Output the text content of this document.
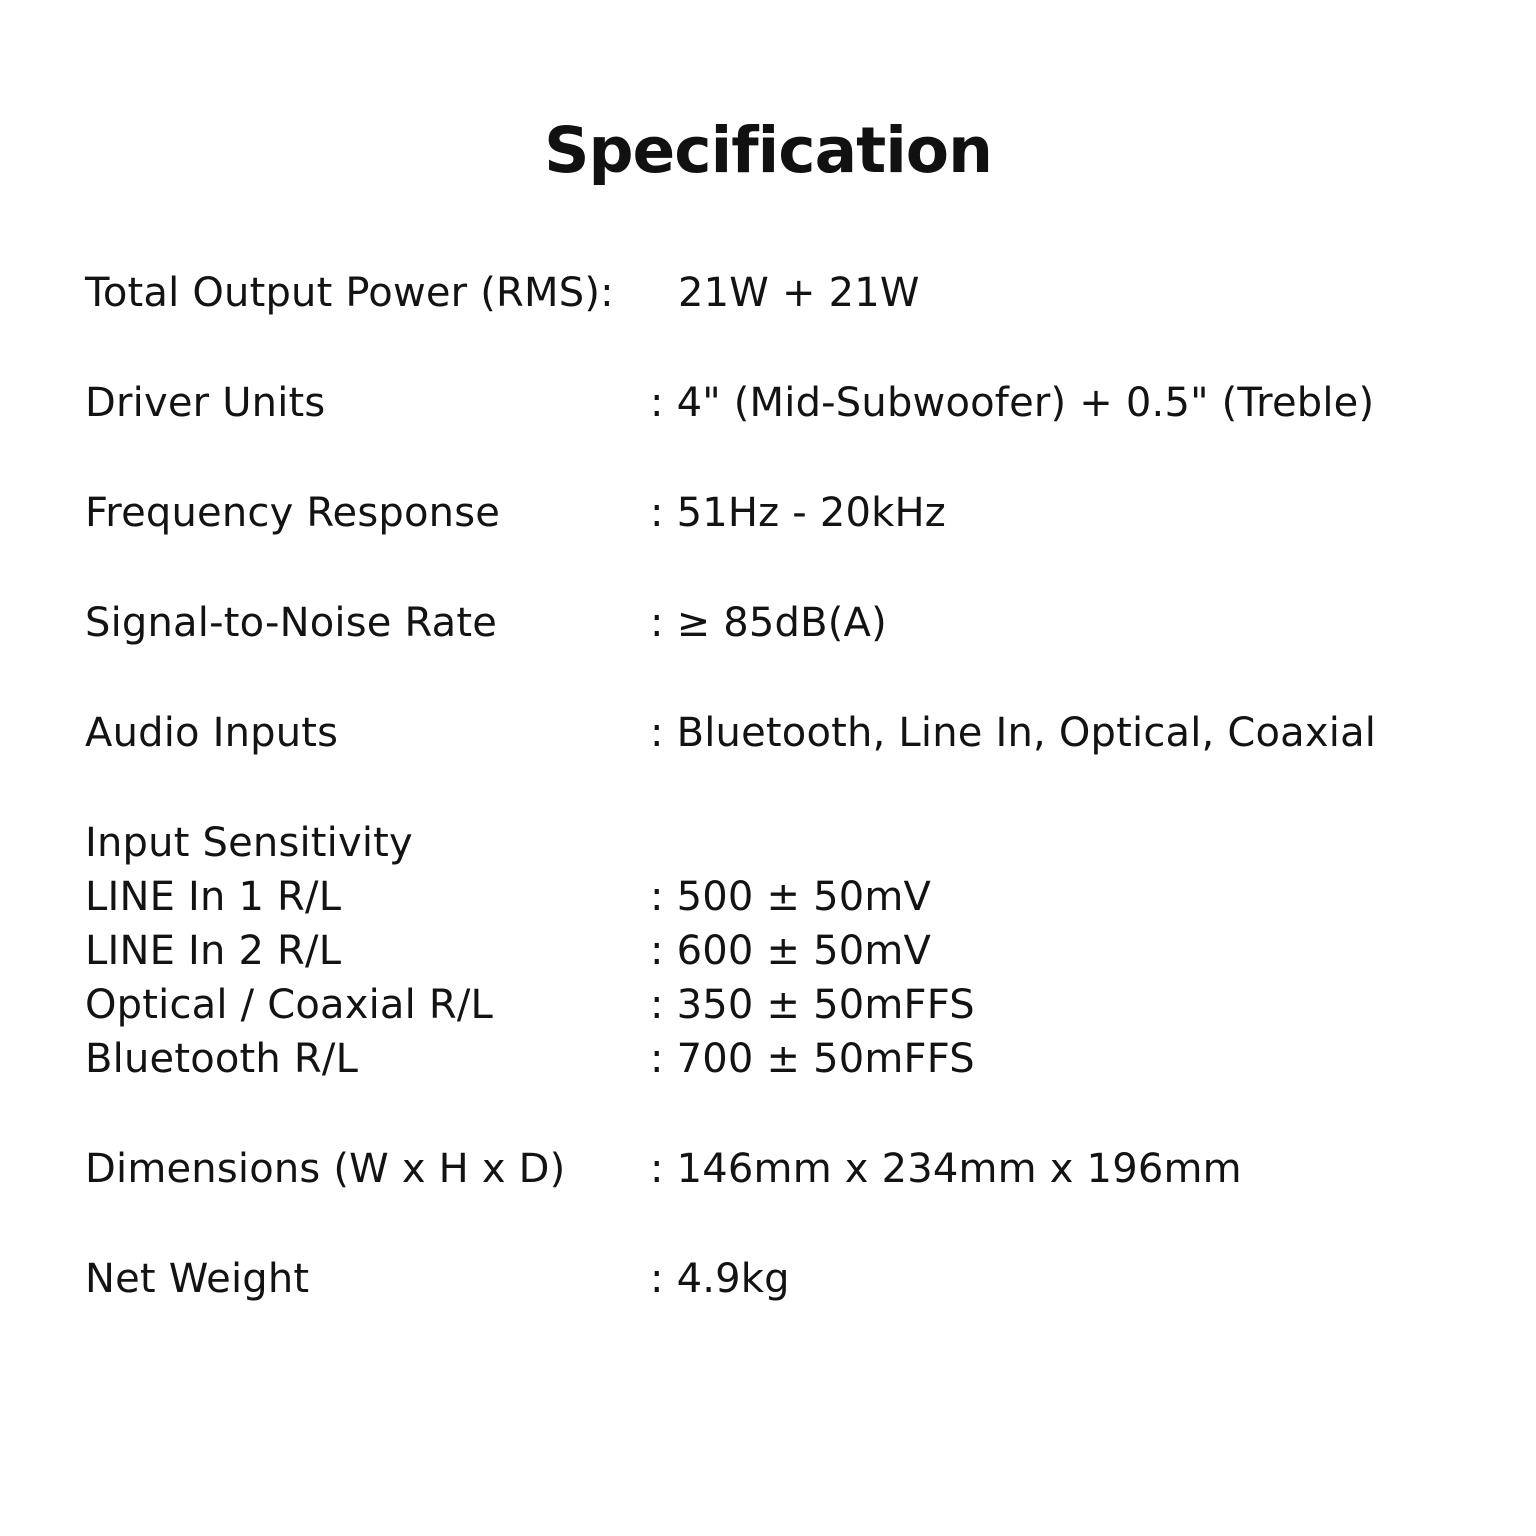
Specification
Total Output Power (RMS):	21W + 21W
Driver Units	: 4" (Mid-Subwoofer) + 0.5" (Treble)
Frequency Response	: 51Hz - 20kHz
Signal-to-Noise Rate	: ≥ 85dB(A)
Audio Inputs	: Bluetooth, Line In, Optical, Coaxial
Input Sensitivity
LINE In 1 R/L	: 500 ± 50mV
LINE In 2 R/L	: 600 ± 50mV
Optical / Coaxial R/L	: 350 ± 50mFFS
Bluetooth R/L	: 700 ± 50mFFS
Dimensions (W x H x D)	: 146mm x 234mm x 196mm
Net Weight	: 4.9kg
